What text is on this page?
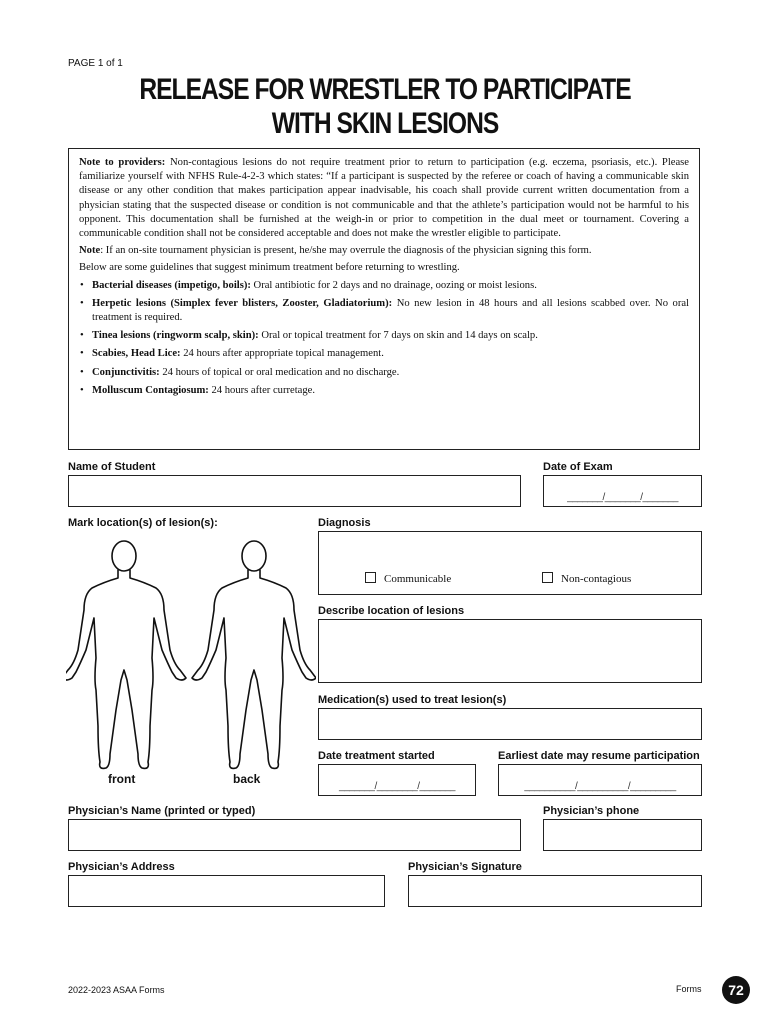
PAGE 1 of 1
RELEASE FOR WRESTLER TO PARTICIPATE
WITH SKIN LESIONS

Note to providers: Non-contagious lesions do not require treatment prior to return to participation (e.g. eczema, psoriasis, etc.). Please familiarize yourself with NFHS Rule-4-2-3 which states: “If a participant is suspected by the referee or coach of having a communicable skin disease or any other condition that makes participation appear inadvisable, his coach shall provide current written documentation from a physician stating that the suspected disease or condition is not communicable and that the athlete’s participation would not be harmful to his opponent. This documentation shall be furnished at the weigh-in or prior to competition in the dual meet or tournament. Covering a communicable condition shall not be considered acceptable and does not make the wrestler eligible to participate.

Note: If an on-site tournament physician is present, he/she may overrule the diagnosis of the physician signing this form.

Below are some guidelines that suggest minimum treatment before returning to wrestling.

• Bacterial diseases (impetigo, boils): Oral antibiotic for 2 days and no drainage, oozing or moist lesions.
• Herpetic lesions (Simplex fever blisters, Zooster, Gladiatorium): No new lesion in 48 hours and all lesions scabbed over. No oral treatment is required.
• Tinea lesions (ringworm scalp, skin): Oral or topical treatment for 7 days on skin and 14 days on scalp.
• Scabies, Head Lice: 24 hours after appropriate topical management.
• Conjunctivitis: 24 hours of topical or oral medication and no discharge.
• Molluscum Contagiosum: 24 hours after curretage.
Name of Student	Date of Exam
_______/_______/_______
Mark location(s) of lesion(s):
front	back
Diagnosis
Communicable	Non-contagious
Describe location of lesions
Medication(s) used to treat lesion(s)
Date treatment started
_______/________/_______
Earliest date may resume participation
__________/__________/_________
Physician’s Name (printed or typed)	Physician’s phone
Physician’s Address	Physician’s Signature
2022-2023 ASAA Forms	Forms	72
